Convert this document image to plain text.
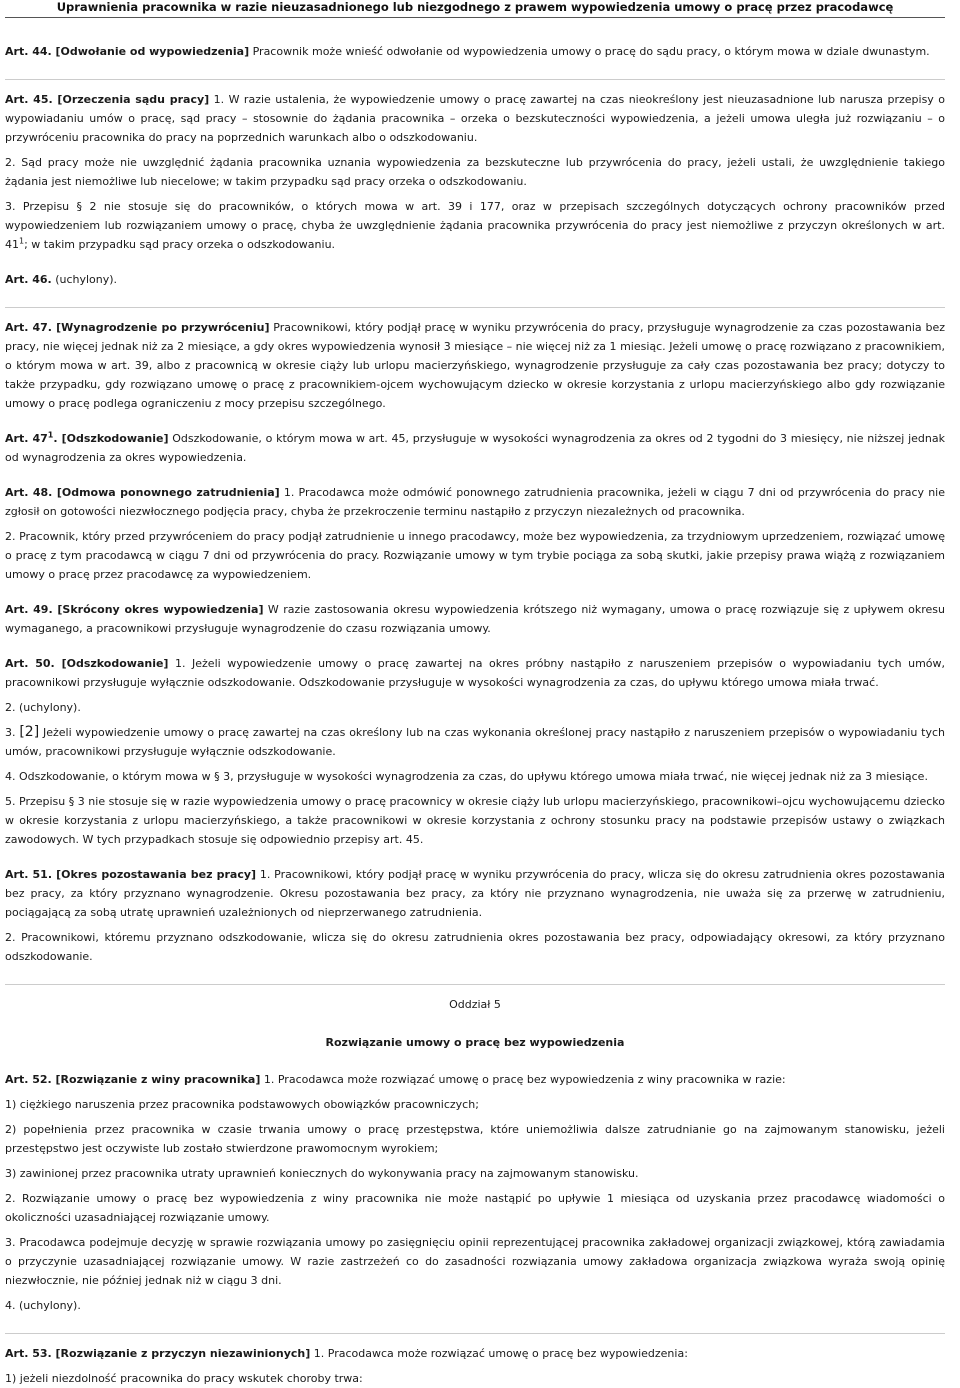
Uprawnienia pracownika w razie nieuzasadnionego lub niezgodnego z prawem wypowiedzenia umowy o pracę przez pracodawcę

Art. 44. [Odwołanie od wypowiedzenia] Pracownik może wnieść odwołanie od wypowiedzenia umowy o pracę do sądu pracy, o którym mowa w dziale dwunastym.

Art. 45. [Orzeczenia sądu pracy] 1. W razie ustalenia, że wypowiedzenie umowy o pracę zawartej na czas nieokreślony jest nieuzasadnione lub narusza przepisy o wypowiadaniu umów o pracę, sąd pracy – stosownie do żądania pracownika – orzeka o bezskuteczności wypowiedzenia, a jeżeli umowa uległa już rozwiązaniu – o przywróceniu pracownika do pracy na poprzednich warunkach albo o odszkodowaniu.

2. Sąd pracy może nie uwzględnić żądania pracownika uznania wypowiedzenia za bezskuteczne lub przywrócenia do pracy, jeżeli ustali, że uwzględnienie takiego żądania jest niemożliwe lub niecelowe; w takim przypadku sąd pracy orzeka o odszkodowaniu.

3. Przepisu § 2 nie stosuje się do pracowników, o których mowa w art. 39 i 177, oraz w przepisach szczególnych dotyczących ochrony pracowników przed wypowiedzeniem lub rozwiązaniem umowy o pracę, chyba że uwzględnienie żądania pracownika przywrócenia do pracy jest niemożliwe z przyczyn określonych w art. $41^1$; w takim przypadku sąd pracy orzeka o odszkodowaniu.

Art. 46. (uchylony).

Art. 47. [Wynagrodzenie po przywróceniu] Pracownikowi, który podjął pracę w wyniku przywrócenia do pracy, przysługuje wynagrodzenie za czas pozostawania bez pracy, nie więcej jednak niż za 2 miesiące, a gdy okres wypowiedzenia wynosił 3 miesiące – nie więcej niż za 1 miesiąc. Jeżeli umowę o pracę rozwiązano z pracownikiem, o którym mowa w art. 39, albo z pracownicą w okresie ciąży lub urlopu macierzyńskiego, wynagrodzenie przysługuje za cały czas pozostawania bez pracy; dotyczy to także przypadku, gdy rozwiązano umowę o pracę z pracownikiem-ojcem wychowującym dziecko w okresie korzystania z urlopu macierzyńskiego albo gdy rozwiązanie umowy o pracę podlega ograniczeniu z mocy przepisu szczególnego.

Art. $47^1$. [Odszkodowanie] Odszkodowanie, o którym mowa w art. 45, przysługuje w wysokości wynagrodzenia za okres od 2 tygodni do 3 miesięcy, nie niższej jednak od wynagrodzenia za okres wypowiedzenia.

Art. 48. [Odmowa ponownego zatrudnienia] 1. Pracodawca może odmówić ponownego zatrudnienia pracownika, jeżeli w ciągu 7 dni od przywrócenia do pracy nie zgłosił on gotowości niezwłocznego podjęcia pracy, chyba że przekroczenie terminu nastąpiło z przyczyn niezależnych od pracownika.

2. Pracownik, który przed przywróceniem do pracy podjął zatrudnienie u innego pracodawcy, może bez wypowiedzenia, za trzydniowym uprzedzeniem, rozwiązać umowę o pracę z tym pracodawcą w ciągu 7 dni od przywrócenia do pracy. Rozwiązanie umowy w tym trybie pociąga za sobą skutki, jakie przepisy prawa wiążą z rozwiązaniem umowy o pracę przez pracodawcę za wypowiedzeniem.

Art. 49. [Skrócony okres wypowiedzenia] W razie zastosowania okresu wypowiedzenia krótszego niż wymagany, umowa o pracę rozwiązuje się z upływem okresu wymaganego, a pracownikowi przysługuje wynagrodzenie do czasu rozwiązania umowy.

Art. 50. [Odszkodowanie] 1. Jeżeli wypowiedzenie umowy o pracę zawartej na okres próbny nastąpiło z naruszeniem przepisów o wypowiadaniu tych umów, pracownikowi przysługuje wyłącznie odszkodowanie. Odszkodowanie przysługuje w wysokości wynagrodzenia za czas, do upływu którego umowa miała trwać.

2. (uchylony).

3. [2] Jeżeli wypowiedzenie umowy o pracę zawartej na czas określony lub na czas wykonania określonej pracy nastąpiło z naruszeniem przepisów o wypowiadaniu tych umów, pracownikowi przysługuje wyłącznie odszkodowanie.

4. Odszkodowanie, o którym mowa w § 3, przysługuje w wysokości wynagrodzenia za czas, do upływu którego umowa miała trwać, nie więcej jednak niż za 3 miesiące.

5. Przepisu § 3 nie stosuje się w razie wypowiedzenia umowy o pracę pracownicy w okresie ciąży lub urlopu macierzyńskiego, pracownikowi–ojcu wychowującemu dziecko w okresie korzystania z urlopu macierzyńskiego, a także pracownikowi w okresie korzystania z ochrony stosunku pracy na podstawie przepisów ustawy o związkach zawodowych. W tych przypadkach stosuje się odpowiednio przepisy art. 45.

Art. 51. [Okres pozostawania bez pracy] 1. Pracownikowi, który podjął pracę w wyniku przywrócenia do pracy, wlicza się do okresu zatrudnienia okres pozostawania bez pracy, za który przyznano wynagrodzenie. Okresu pozostawania bez pracy, za który nie przyznano wynagrodzenia, nie uważa się za przerwę w zatrudnieniu, pociągającą za sobą utratę uprawnień uzależnionych od nieprzerwanego zatrudnienia.

2. Pracownikowi, któremu przyznano odszkodowanie, wlicza się do okresu zatrudnienia okres pozostawania bez pracy, odpowiadający okresowi, za który przyznano odszkodowanie.

Oddział 5

Rozwiązanie umowy o pracę bez wypowiedzenia

Art. 52. [Rozwiązanie z winy pracownika] 1. Pracodawca może rozwiązać umowę o pracę bez wypowiedzenia z winy pracownika w razie:

1) ciężkiego naruszenia przez pracownika podstawowych obowiązków pracowniczych;

2) popełnienia przez pracownika w czasie trwania umowy o pracę przestępstwa, które uniemożliwia dalsze zatrudnianie go na zajmowanym stanowisku, jeżeli przestępstwo jest oczywiste lub zostało stwierdzone prawomocnym wyrokiem;

3) zawinionej przez pracownika utraty uprawnień koniecznych do wykonywania pracy na zajmowanym stanowisku.

2. Rozwiązanie umowy o pracę bez wypowiedzenia z winy pracownika nie może nastąpić po upływie 1 miesiąca od uzyskania przez pracodawcę wiadomości o okoliczności uzasadniającej rozwiązanie umowy.

3. Pracodawca podejmuje decyzję w sprawie rozwiązania umowy po zasięgnięciu opinii reprezentującej pracownika zakładowej organizacji związkowej, którą zawiadamia o przyczynie uzasadniającej rozwiązanie umowy. W razie zastrzeżeń co do zasadności rozwiązania umowy zakładowa organizacja związkowa wyraża swoją opinię niezwłocznie, nie później jednak niż w ciągu 3 dni.

4. (uchylony).

Art. 53. [Rozwiązanie z przyczyn niezawinionych] 1. Pracodawca może rozwiązać umowę o pracę bez wypowiedzenia:

1) jeżeli niezdolność pracownika do pracy wskutek choroby trwa:
